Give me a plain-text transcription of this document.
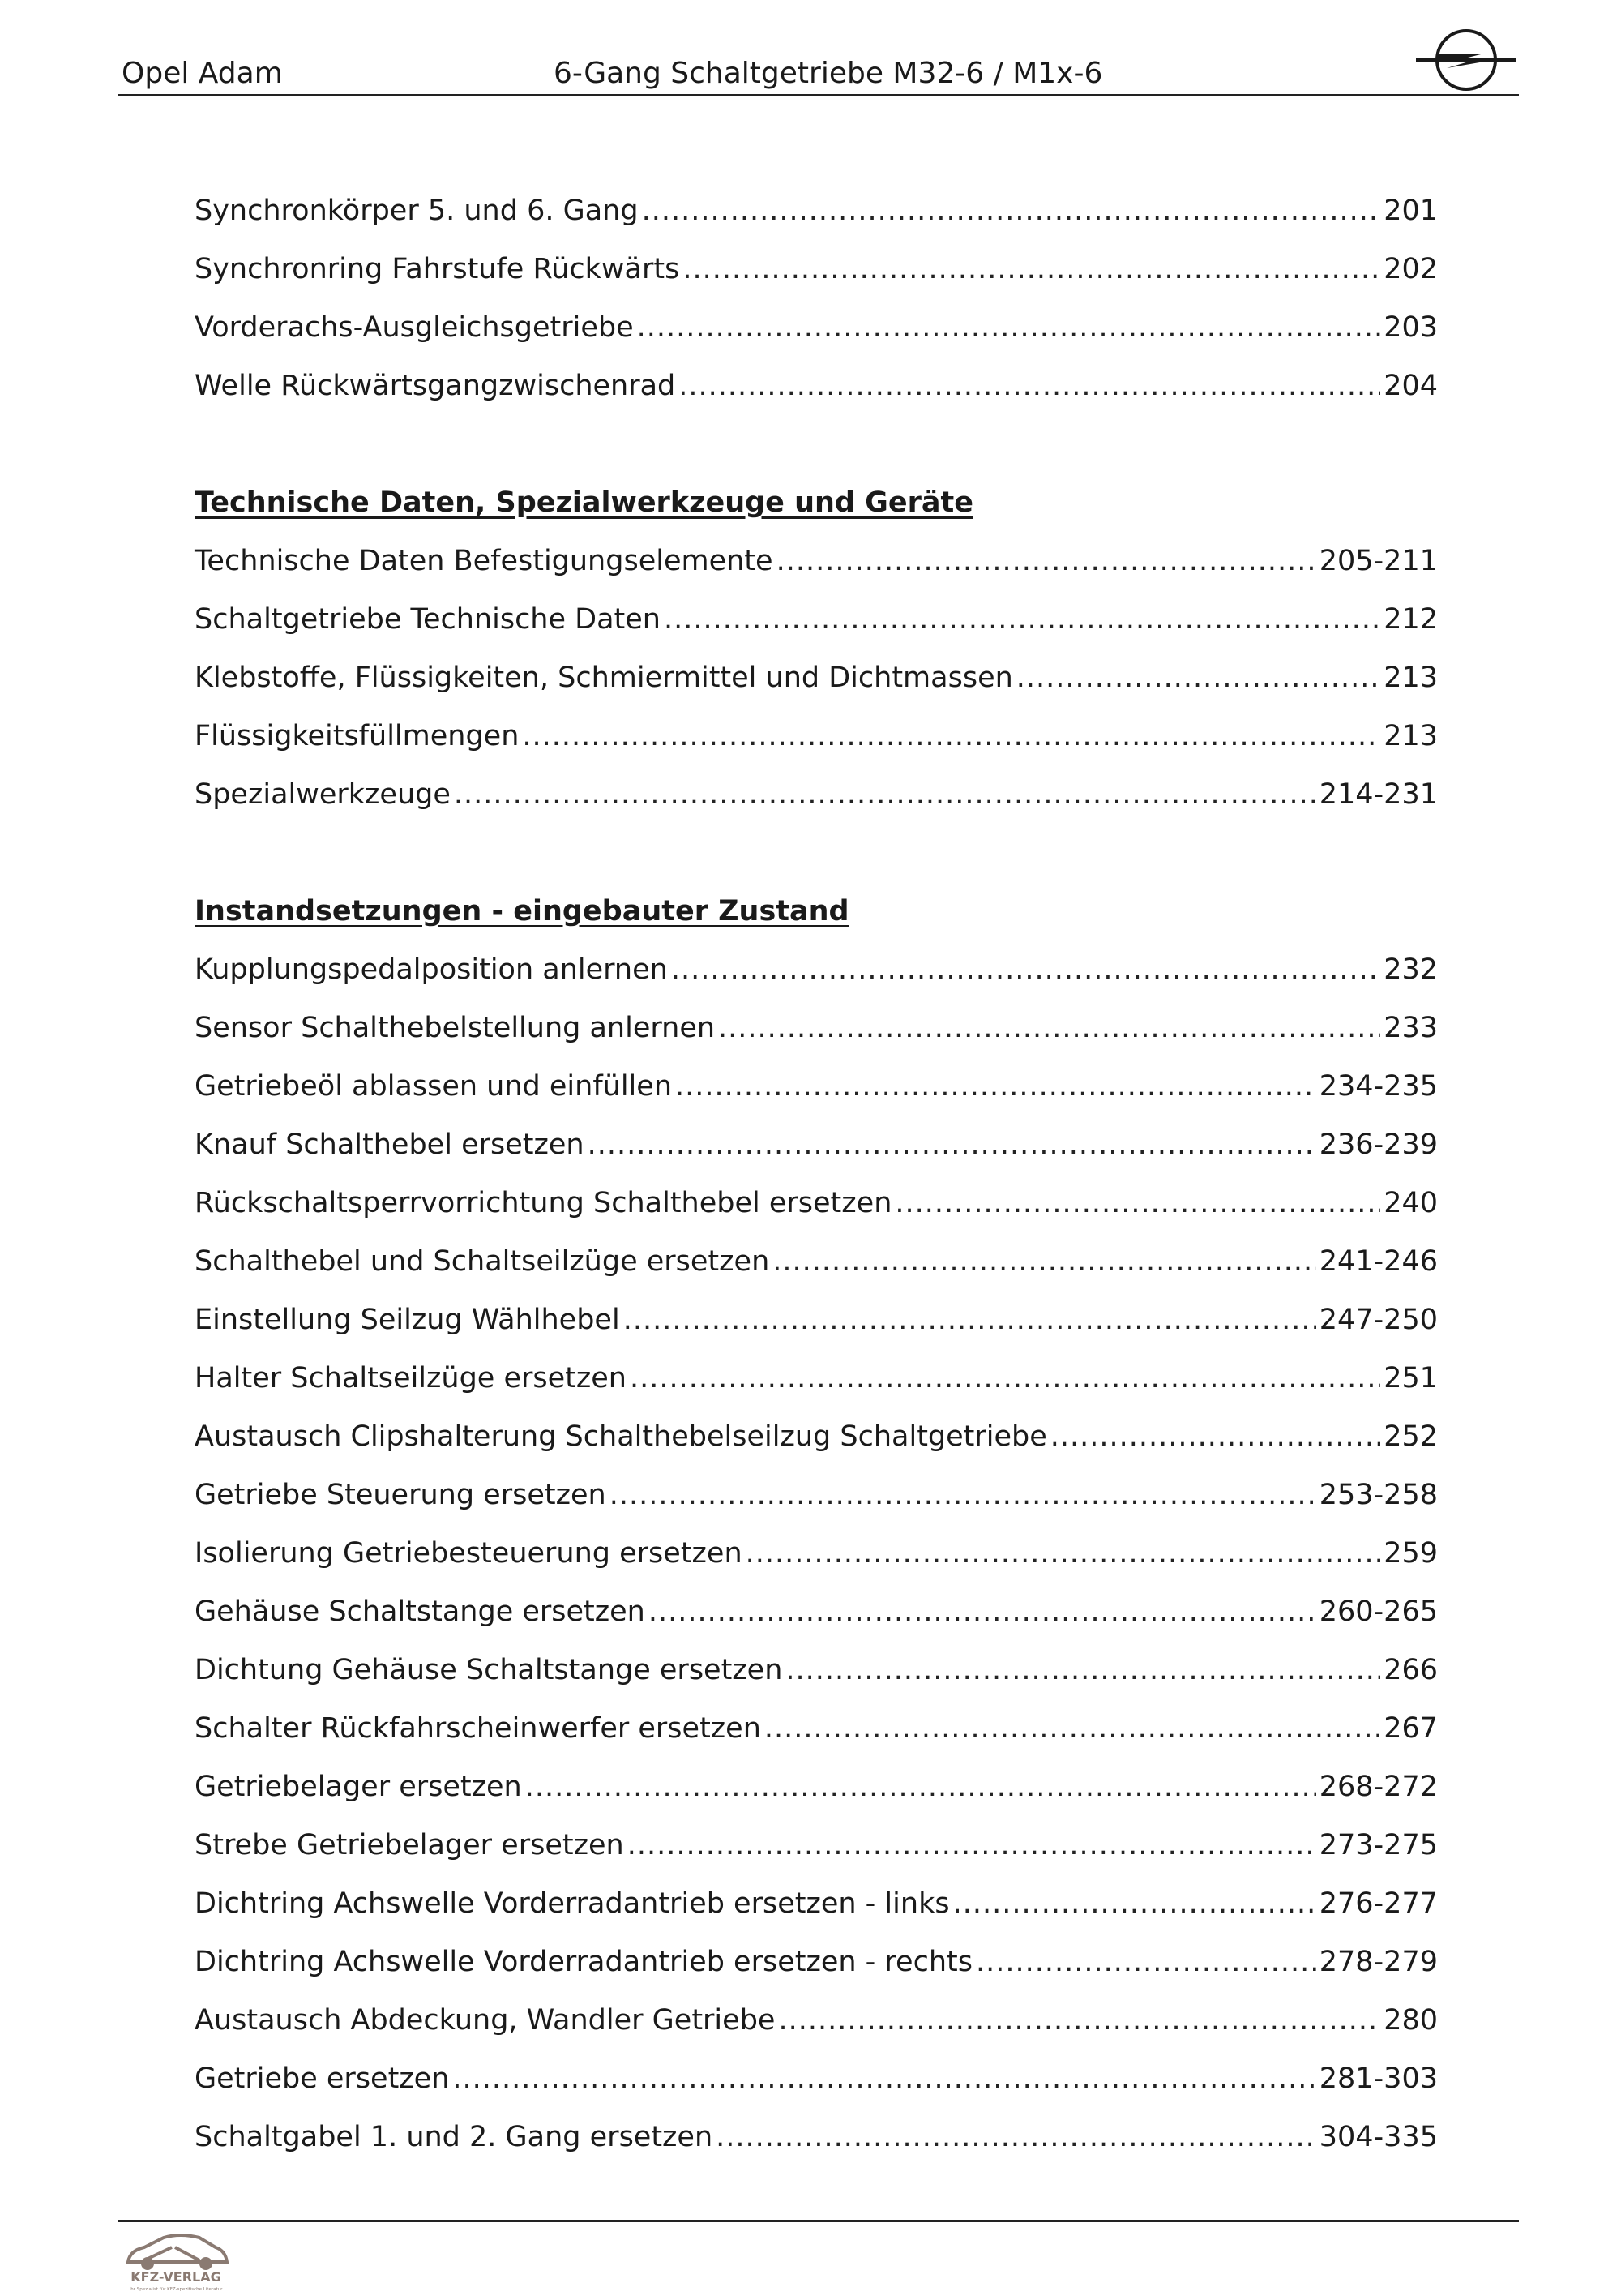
Opel Adam	6-Gang Schaltgetriebe M32-6 / M1x-6
Synchronkörper 5. und 6. Gang .....	201
Synchronring Fahrstufe Rückwärts .....	202
Vorderachs-Ausgleichsgetriebe .....	203
Welle Rückwärtsgangzwischenrad .....	204
Technische Daten, Spezialwerkzeuge und Geräte
Technische Daten Befestigungselemente .....	205-211
Schaltgetriebe Technische Daten .....	212
Klebstoffe, Flüssigkeiten, Schmiermittel und Dichtmassen .....	213
Flüssigkeitsfüllmengen .....	213
Spezialwerkzeuge .....	214-231
Instandsetzungen - eingebauter Zustand
Kupplungspedalposition anlernen .....	232
Sensor Schalthebelstellung anlernen .....	233
Getriebeöl ablassen und einfüllen .....	234-235
Knauf Schalthebel ersetzen .....	236-239
Rückschaltsperrvorrichtung Schalthebel ersetzen .....	240
Schalthebel und Schaltseilzüge ersetzen .....	241-246
Einstellung Seilzug Wählhebel .....	247-250
Halter Schaltseilzüge ersetzen .....	251
Austausch Clipshalterung Schalthebelseilzug Schaltgetriebe .....	252
Getriebe Steuerung ersetzen .....	253-258
Isolierung Getriebesteuerung ersetzen .....	259
Gehäuse Schaltstange ersetzen .....	260-265
Dichtung Gehäuse Schaltstange ersetzen .....	266
Schalter Rückfahrscheinwerfer ersetzen .....	267
Getriebelager ersetzen .....	268-272
Strebe Getriebelager ersetzen .....	273-275
Dichtring Achswelle Vorderradantrieb ersetzen - links .....	276-277
Dichtring Achswelle Vorderradantrieb ersetzen - rechts .....	278-279
Austausch Abdeckung, Wandler Getriebe .....	280
Getriebe ersetzen .....	281-303
Schaltgabel 1. und 2. Gang ersetzen .....	304-335
KFZ-VERLAG
Ihr Spezialist für KFZ-spezifische Literatur
